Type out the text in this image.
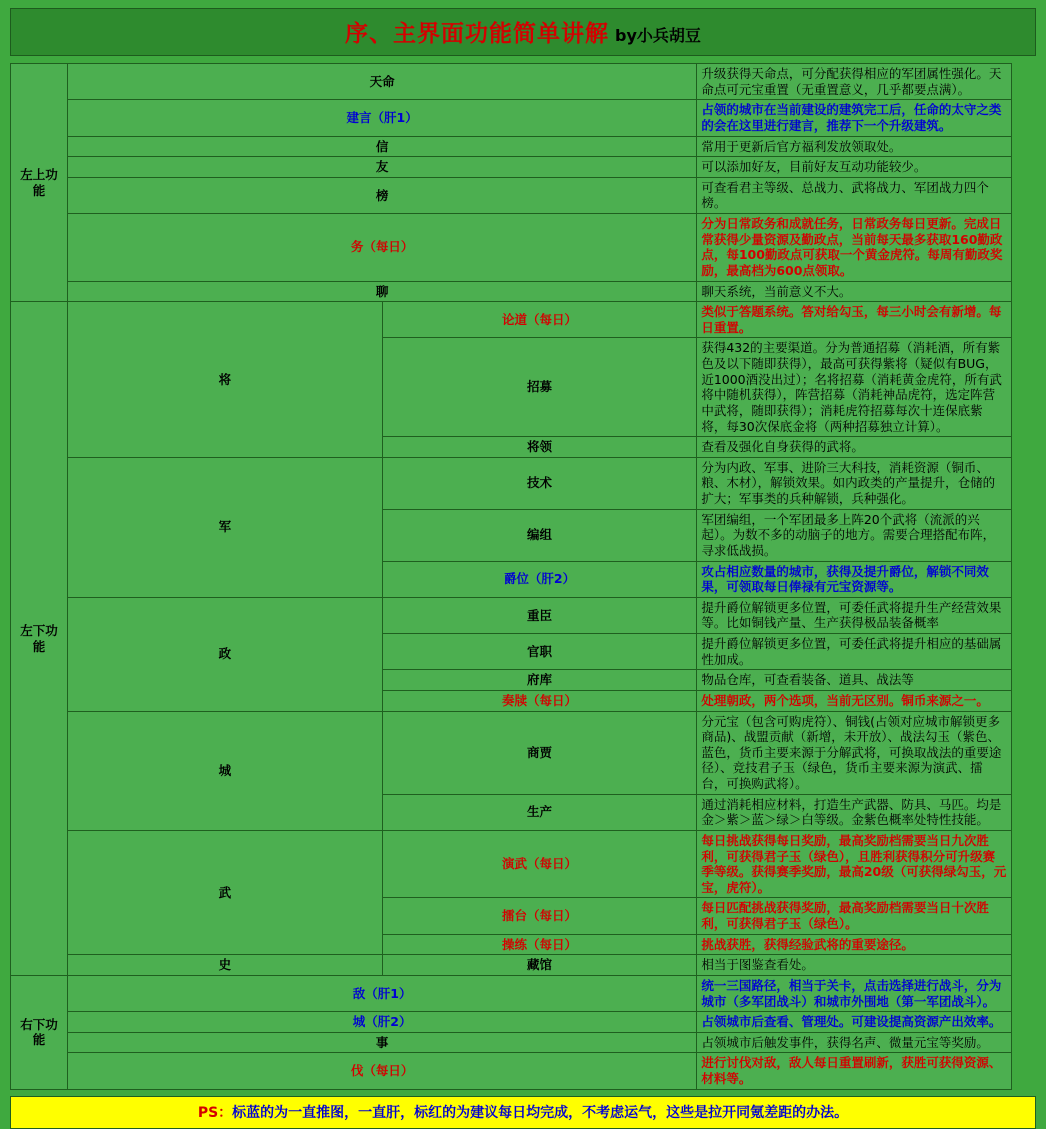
序、主界面功能简单讲解 by小兵胡豆
左上功能	天命		升级获得天命点，可分配获得相应的军团属性强化。天命点可元宝重置（无重置意义，几乎都要点满）。
	建言（肝1）		占领的城市在当前建设的建筑完工后，任命的太守之类的会在这里进行建言，推荐下一个升级建筑。
	信		常用于更新后官方福利发放领取处。
	友		可以添加好友，目前好友互动功能较少。
	榜		可查看君主等级、总战力、武将战力、军团战力四个榜。
	务（每日）		分为日常政务和成就任务，日常政务每日更新。完成日常获得少量资源及勤政点，当前每天最多获取160勤政点，每100勤政点可获取一个黄金虎符。每周有勤政奖励，最高档为600点领取。
	聊		聊天系统，当前意义不大。
左下功能	将	论道（每日）	类似于答题系统。答对给勾玉，每三小时会有新增。每日重置。
		招募	获得432的主要渠道。分为普通招募（消耗酒，所有紫色及以下随即获得），最高可获得紫将（疑似有BUG，近1000酒没出过）；名将招募（消耗黄金虎符，所有武将中随机获得），阵营招募（消耗神品虎符，选定阵营中武将，随即获得）；消耗虎符招募每次十连保底紫将，每30次保底金将（两种招募独立计算）。
		将领	查看及强化自身获得的武将。
	军	技术	分为内政、军事、进阶三大科技，消耗资源（铜币、粮、木材），解锁效果。如内政类的产量提升，仓储的扩大；军事类的兵种解锁，兵种强化。
		编组	军团编组，一个军团最多上阵20个武将（流派的兴起）。为数不多的动脑子的地方。需要合理搭配布阵，寻求低战损。
		爵位（肝2）	攻占相应数量的城市，获得及提升爵位，解锁不同效果，可领取每日俸禄有元宝资源等。
	政	重臣	提升爵位解锁更多位置，可委任武将提升生产经营效果等。比如铜钱产量、生产获得极品装备概率
		官职	提升爵位解锁更多位置，可委任武将提升相应的基础属性加成。
		府库	物品仓库，可查看装备、道具、战法等
		奏牍（每日）	处理朝政，两个选项，当前无区别。铜币来源之一。
	城	商贾	分元宝（包含可购虎符）、铜钱(占领对应城市解锁更多商品)、战盟贡献（新增，未开放）、战法勾玉（紫色、蓝色，货币主要来源于分解武将，可换取战法的重要途径）、竞技君子玉（绿色，货币主要来源为演武、擂台，可换购武将）。
		生产	通过消耗相应材料，打造生产武器、防具、马匹。均是金＞紫＞蓝＞绿＞白等级。金紫色概率处特性技能。
	武	演武（每日）	每日挑战获得每日奖励，最高奖励档需要当日九次胜利，可获得君子玉（绿色），且胜利获得积分可升级赛季等级。获得赛季奖励，最高20级（可获得绿勾玉，元宝，虎符）。
		擂台（每日）	每日匹配挑战获得奖励，最高奖励档需要当日十次胜利，可获得君子玉（绿色）。
		操练（每日）	挑战获胜，获得经验武将的重要途径。
	史	藏馆	相当于图鉴查看处。
右下功能	敌（肝1）		统一三国路径，相当于关卡，点击选择进行战斗，分为城市（多军团战斗）和城市外围地（第一军团战斗）。
	城（肝2）		占领城市后查看、管理处。可建设提高资源产出效率。
	事		占领城市后触发事件，获得名声、微量元宝等奖励。
	伐（每日）		进行讨伐对敌，敌人每日重置刷新，获胜可获得资源、材料等。
PS：标蓝的为一直推图，一直肝，标红的为建议每日均完成，不考虑运气，这些是拉开同氪差距的办法。
